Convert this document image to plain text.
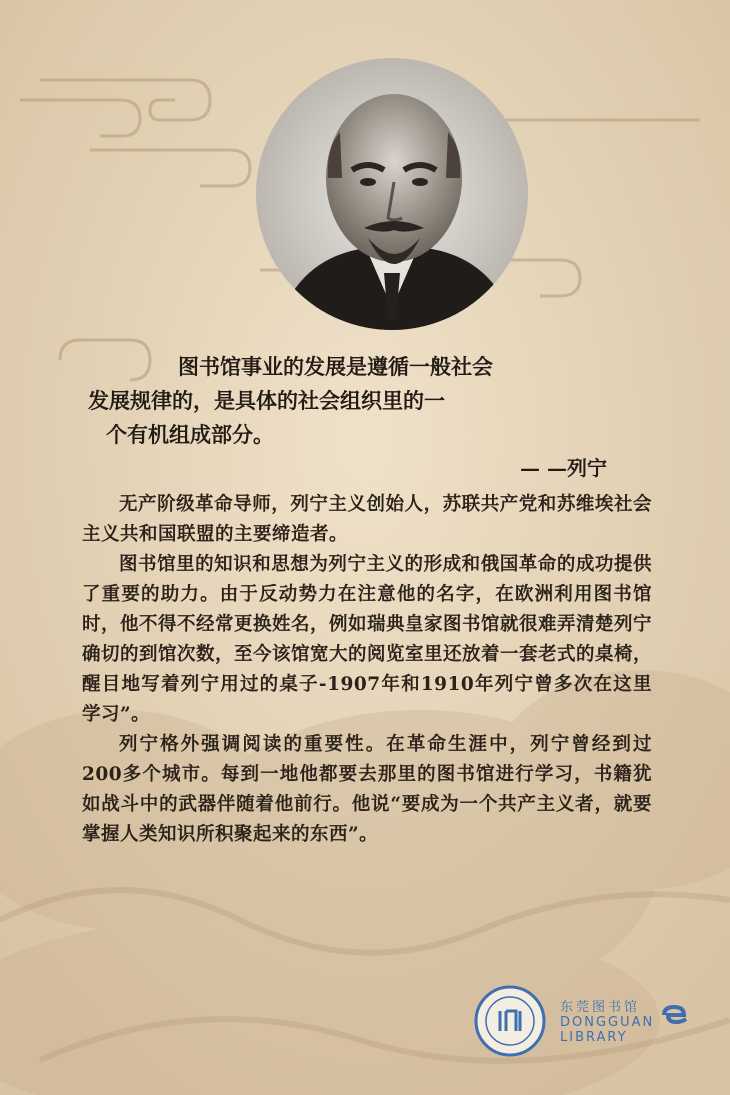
图书馆事业的发展是遵循一般社会

发展规律的，是具体的社会组织里的一

个有机组成部分。

— —列宁

无产阶级革命导师，列宁主义创始人，苏联共产党和苏维埃社会主义共和国联盟的主要缔造者。

图书馆里的知识和思想为列宁主义的形成和俄国革命的成功提供了重要的助力。由于反动势力在注意他的名字，在欧洲利用图书馆时，他不得不经常更换姓名，例如瑞典皇家图书馆就很难弄清楚列宁确切的到馆次数，至今该馆宽大的阅览室里还放着一套老式的桌椅，醒目地写着列宁用过的桌子-1907年和1910年列宁曾多次在这里学习”。

列宁格外强调阅读的重要性。在革命生涯中，列宁曾经到过200多个城市。每到一地他都要去那里的图书馆进行学习，书籍犹如战斗中的武器伴随着他前行。他说“要成为一个共产主义者，就要掌握人类知识所积聚起来的东西”。

东莞图书馆
DONGGUAN
LIBRARY
